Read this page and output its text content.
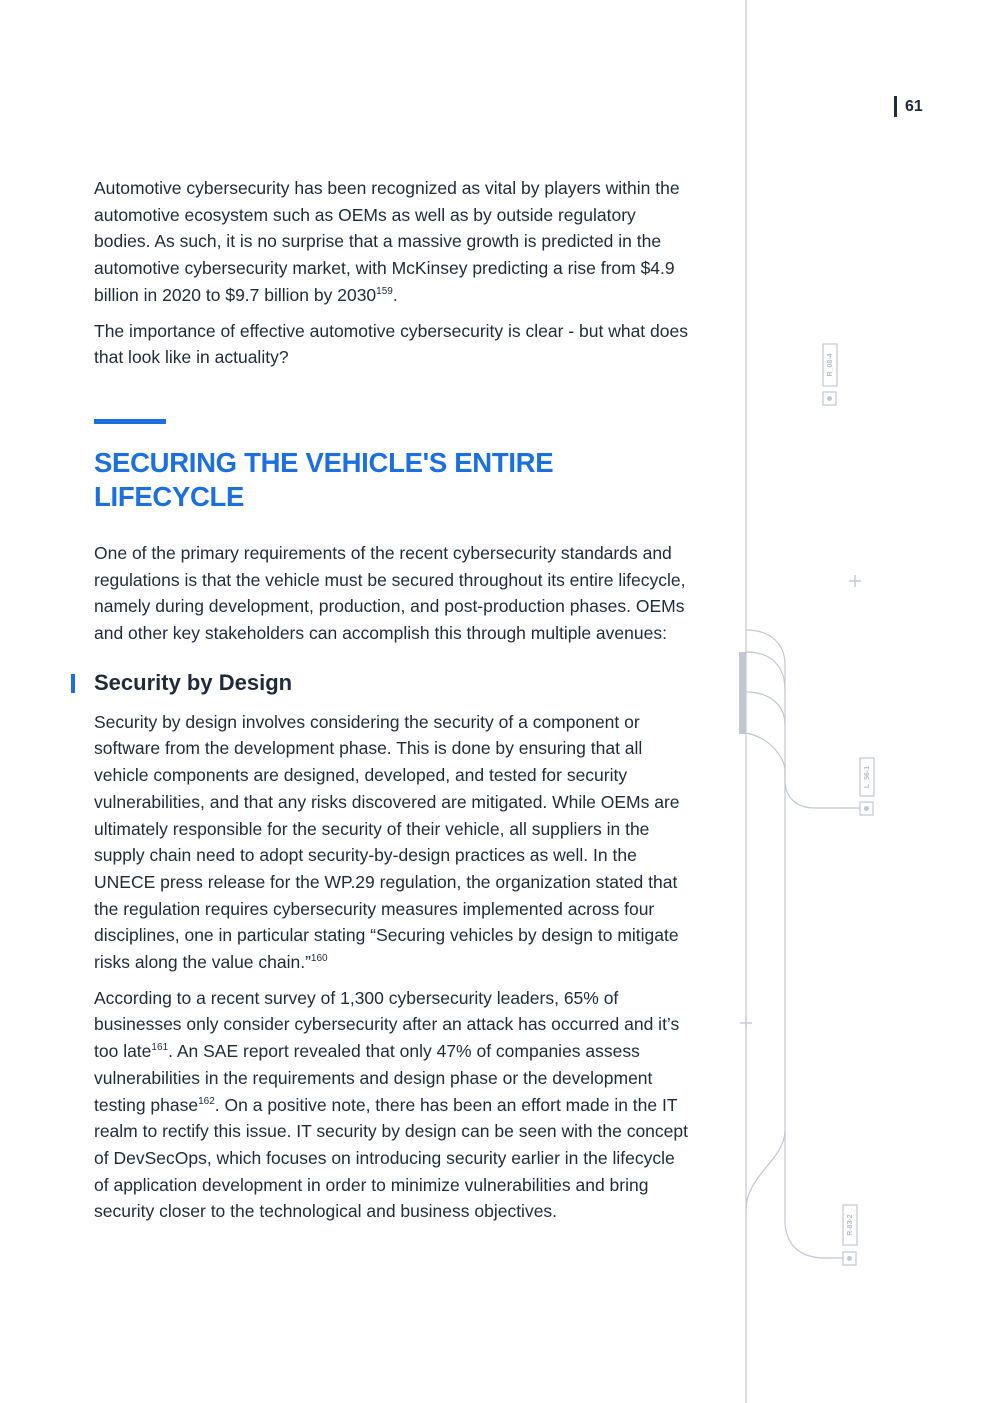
R_08-4
L_56-1
R-83-2
61

Automotive cybersecurity has been recognized as vital by players within the automotive ecosystem such as OEMs as well as by outside regulatory bodies. As such, it is no surprise that a massive growth is predicted in the automotive cybersecurity market, with McKinsey predicting a rise from $4.9 billion in 2020 to $9.7 billion by 2030$^{159}$.

The importance of effective automotive cybersecurity is clear - but what does that look like in actuality?

SECURING THE VEHICLE'S ENTIRE LIFECYCLE

One of the primary requirements of the recent cybersecurity standards and regulations is that the vehicle must be secured throughout its entire lifecycle, namely during development, production, and post-production phases. OEMs and other key stakeholders can accomplish this through multiple avenues:

Security by Design

Security by design involves considering the security of a component or software from the development phase. This is done by ensuring that all vehicle components are designed, developed, and tested for security vulnerabilities, and that any risks discovered are mitigated. While OEMs are ultimately responsible for the security of their vehicle, all suppliers in the supply chain need to adopt security-by-design practices as well. In the UNECE press release for the WP.29 regulation, the organization stated that the regulation requires cybersecurity measures implemented across four disciplines, one in particular stating “Securing vehicles by design to mitigate risks along the value chain.”$^{160}$

According to a recent survey of 1,300 cybersecurity leaders, 65% of businesses only consider cybersecurity after an attack has occurred and it’s too late$^{161}$. An SAE report revealed that only 47% of companies assess vulnerabilities in the requirements and design phase or the development testing phase$^{162}$. On a positive note, there has been an effort made in the IT realm to rectify this issue. IT security by design can be seen with the concept of DevSecOps, which focuses on introducing security earlier in the lifecycle of application development in order to minimize vulnerabilities and bring security closer to the technological and business objectives.
